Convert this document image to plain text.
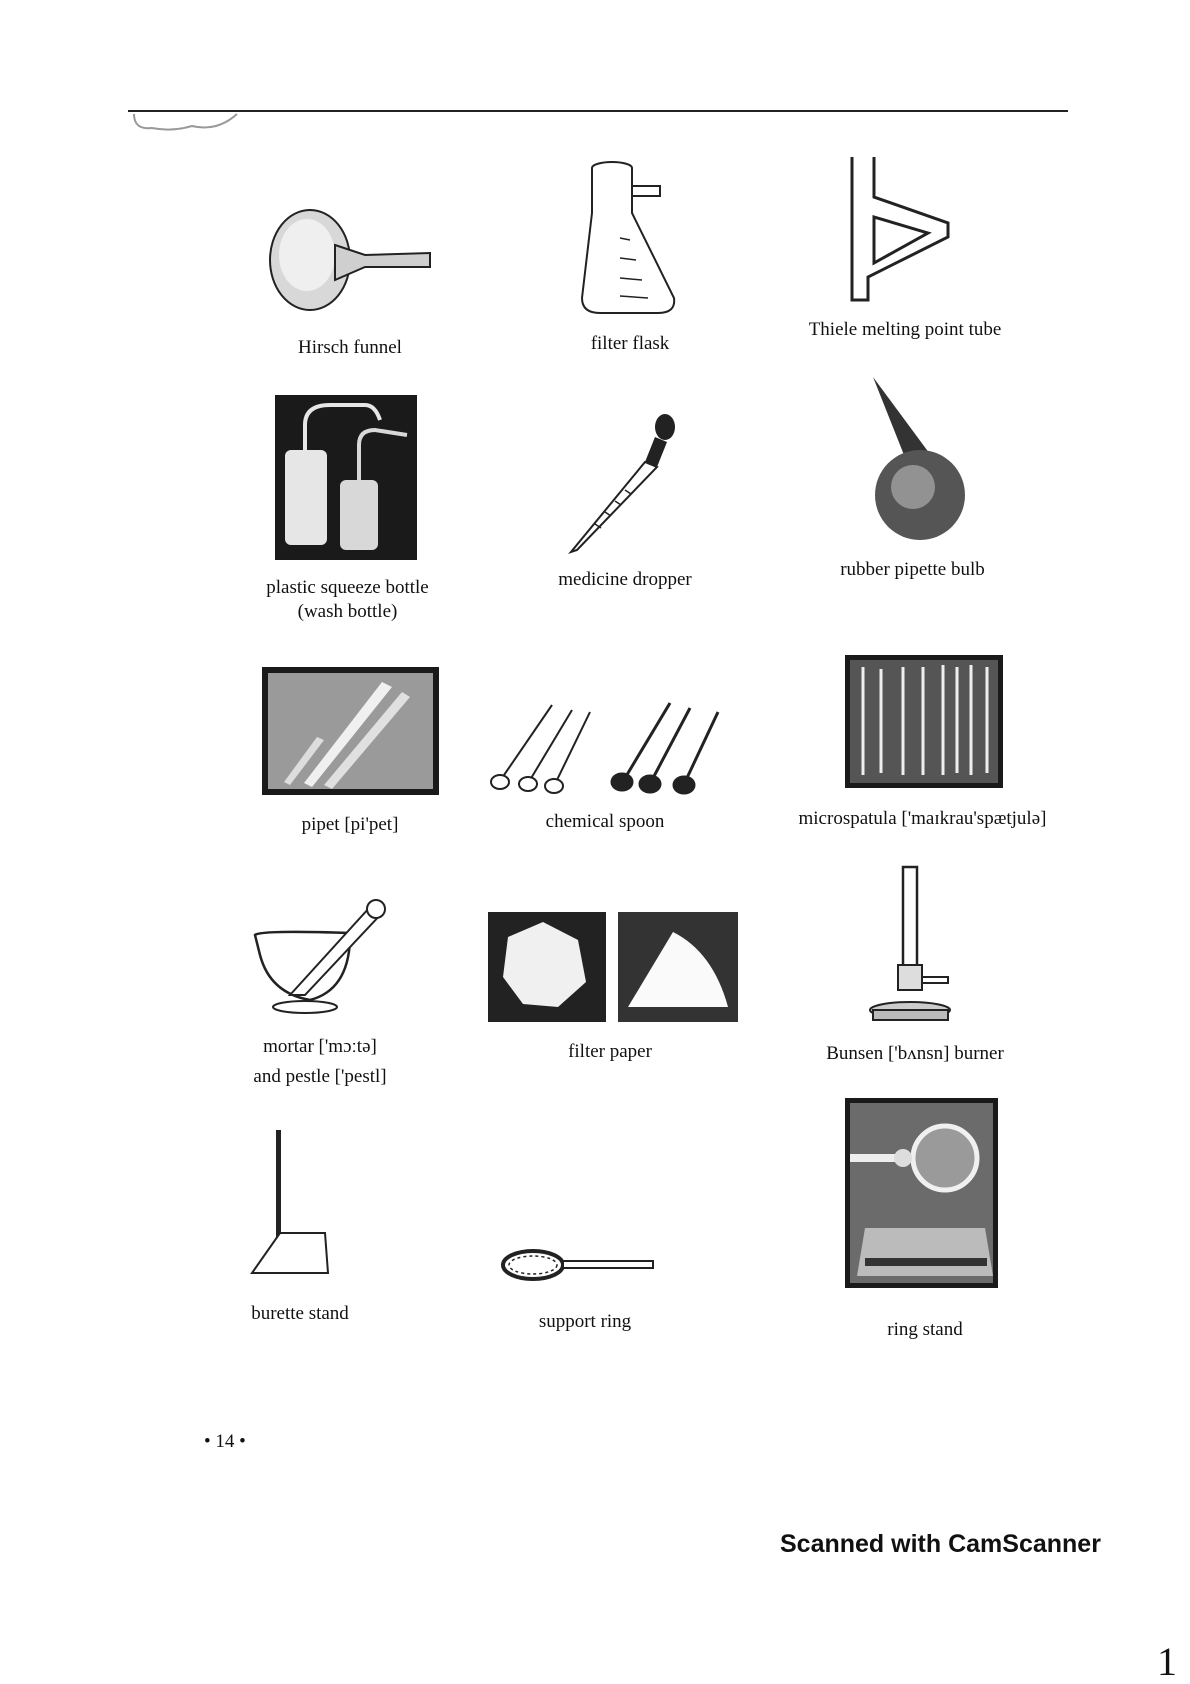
Hirsch funnel	filter flask
Thiele melting point tube
plastic squeeze bottle
(wash bottle)
medicine dropper	rubber pipette bulb
pipet [pi'pet]	chemical spoon	microspatula ['maɪkrau'spætjulə]
mortar ['mɔːtə]
and pestle ['pestl]
filter paper	Bunsen ['bʌnsn] burner
burette stand	support ring	ring stand
• 14 •
Scanned with CamScanner
1
